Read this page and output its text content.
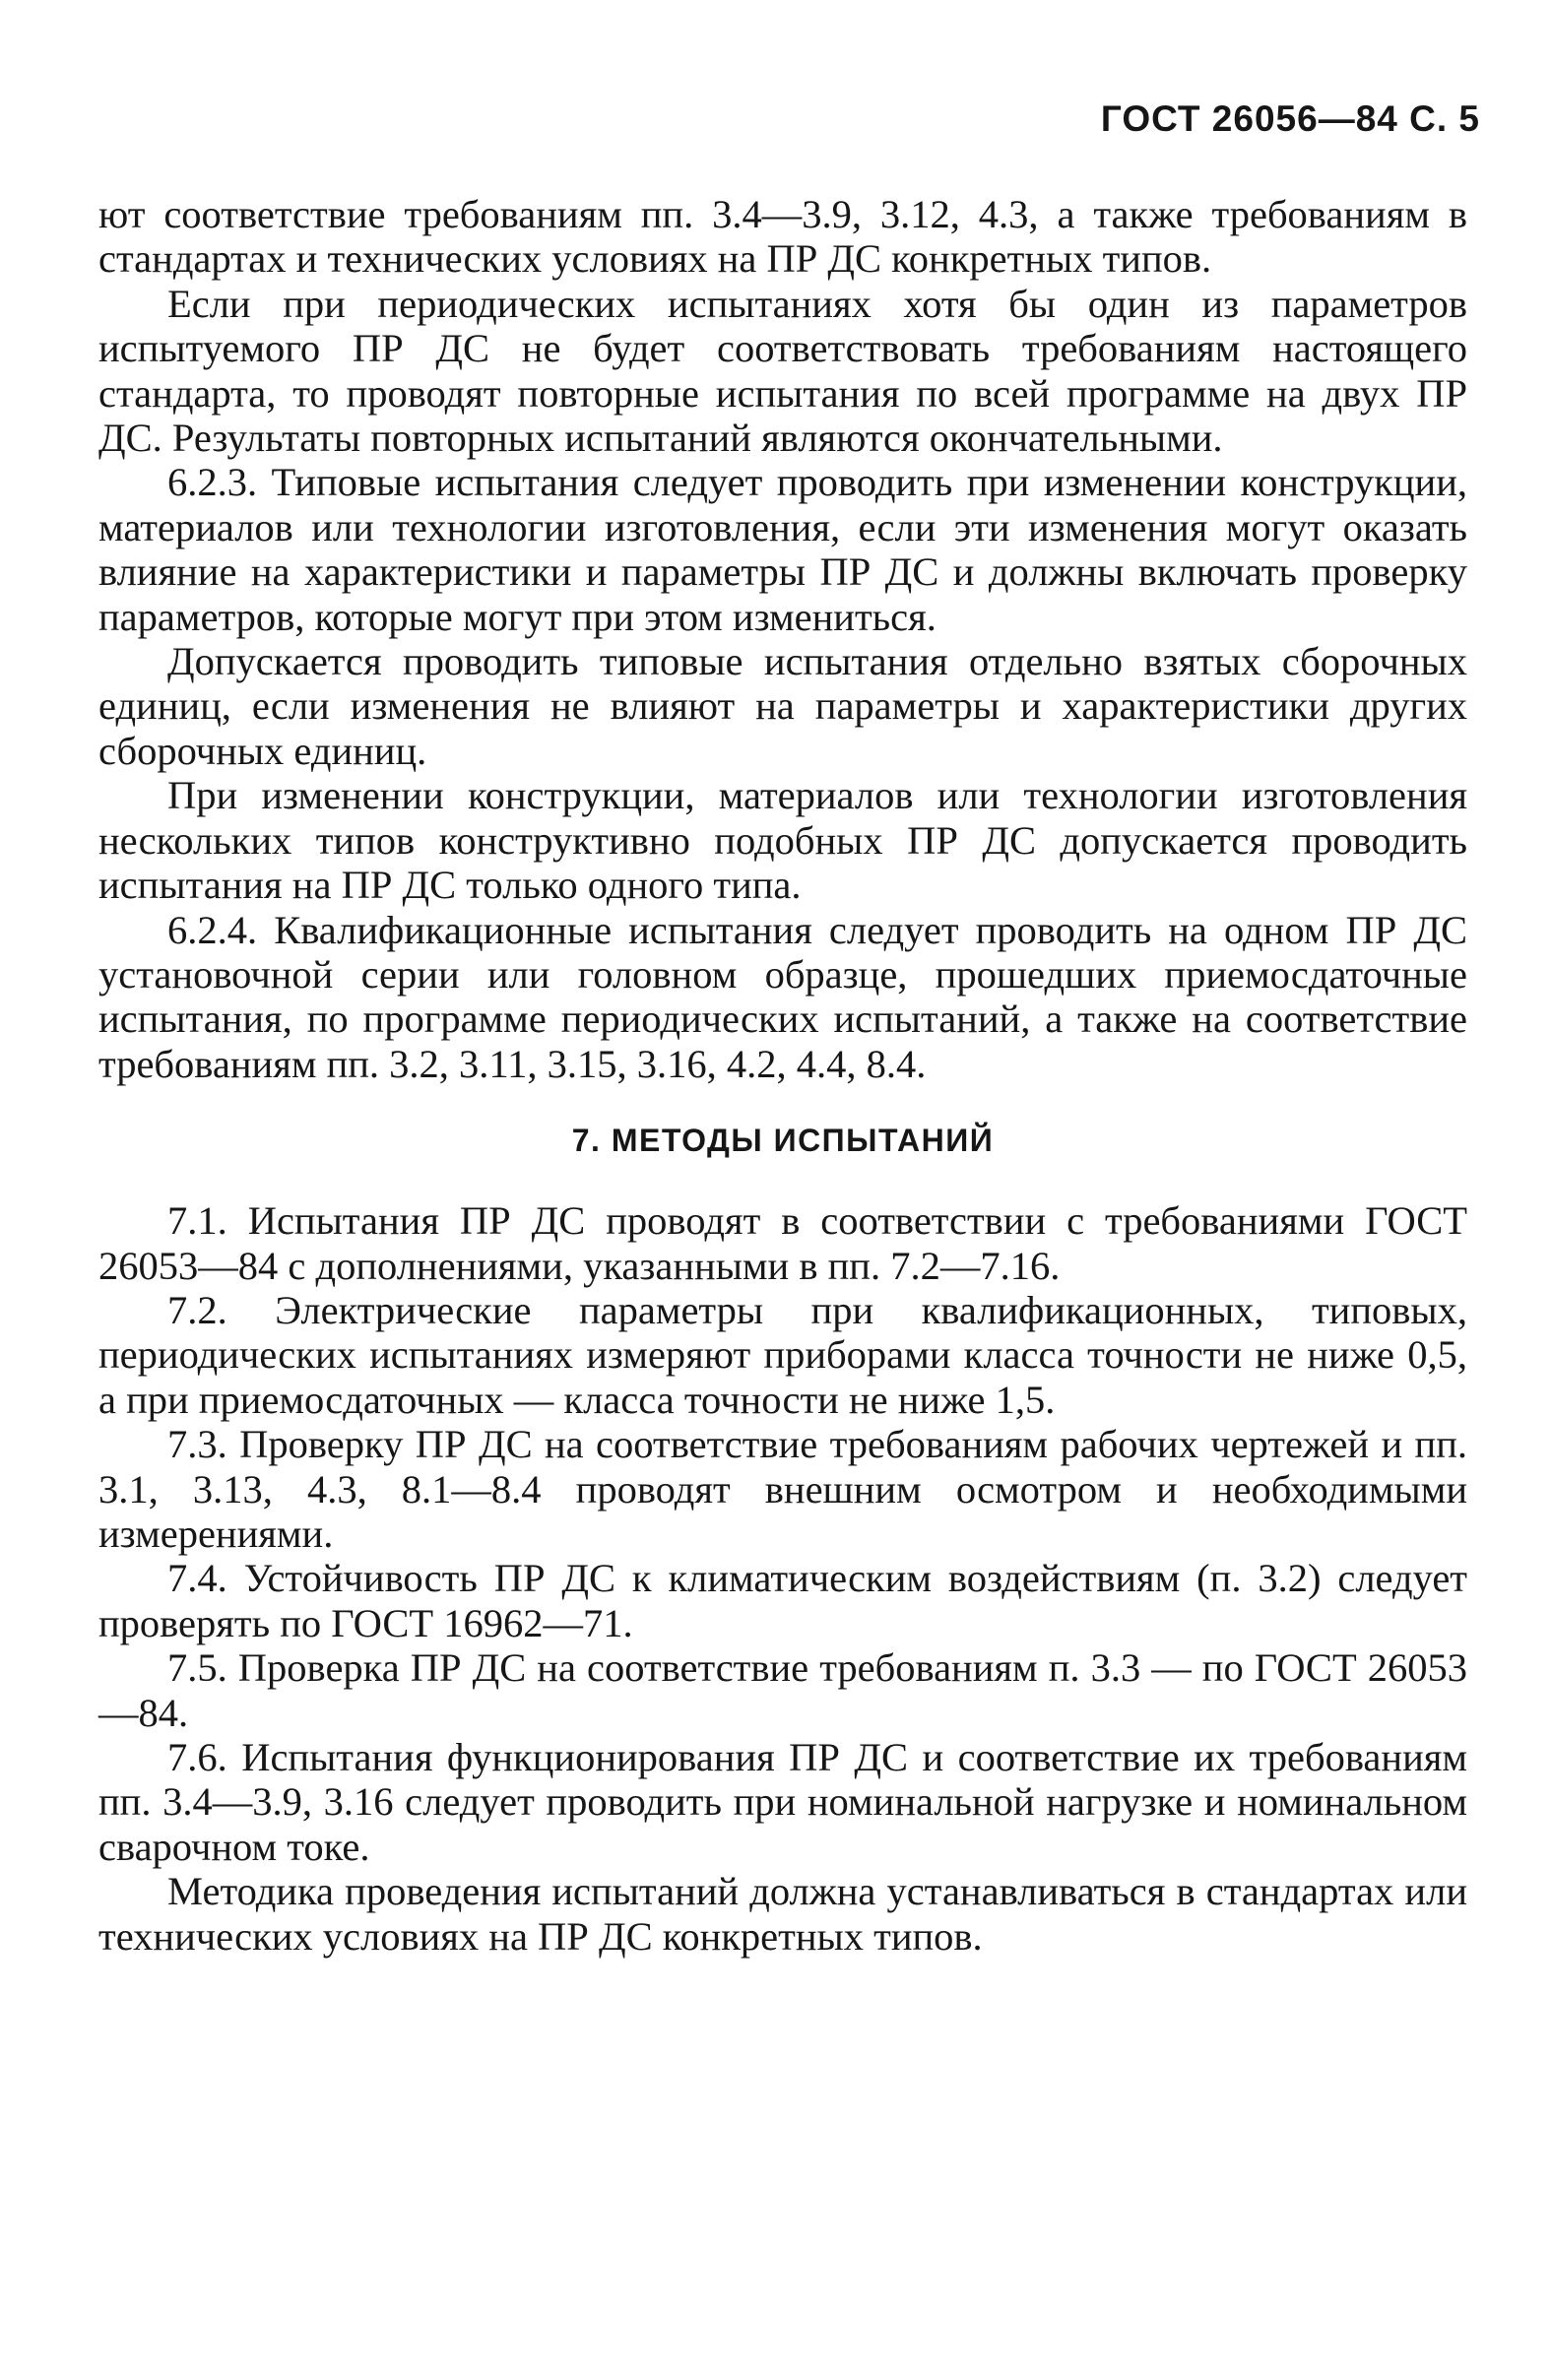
ГОСТ 26056—84 С. 5

ют соответствие требованиям пп. 3.4—3.9, 3.12, 4.3, а также требованиям в стандартах и технических условиях на ПР ДС конкретных типов.

Если при периодических испытаниях хотя бы один из параметров испытуемого ПР ДС не будет соответствовать требованиям настоящего стандарта, то проводят повторные испытания по всей программе на двух ПР ДС. Результаты повторных испытаний являются окончательными.

6.2.3. Типовые испытания следует проводить при изменении конструкции, материалов или технологии изготовления, если эти изменения могут оказать влияние на характеристики и параметры ПР ДС и должны включать проверку параметров, которые могут при этом измениться.

Допускается проводить типовые испытания отдельно взятых сборочных единиц, если изменения не влияют на параметры и характеристики других сборочных единиц.

При изменении конструкции, материалов или технологии изготовления нескольких типов конструктивно подобных ПР ДС допускается проводить испытания на ПР ДС только одного типа.

6.2.4. Квалификационные испытания следует проводить на одном ПР ДС установочной серии или головном образце, прошедших приемосдаточные испытания, по программе периодических испытаний, а также на соответствие требованиям пп. 3.2, 3.11, 3.15, 3.16, 4.2, 4.4, 8.4.

7. МЕТОДЫ ИСПЫТАНИЙ

7.1. Испытания ПР ДС проводят в соответствии с требованиями ГОСТ 26053—84 с дополнениями, указанными в пп. 7.2—7.16.

7.2. Электрические параметры при квалификационных, типовых, периодических испытаниях измеряют приборами класса точности не ниже 0,5, а при приемосдаточных — класса точности не ниже 1,5.

7.3. Проверку ПР ДС на соответствие требованиям рабочих чертежей и пп. 3.1, 3.13, 4.3, 8.1—8.4 проводят внешним осмотром и необходимыми измерениями.

7.4. Устойчивость ПР ДС к климатическим воздействиям (п. 3.2) следует проверять по ГОСТ 16962—71.

7.5. Проверка ПР ДС на соответствие требованиям п. 3.3 — по ГОСТ 26053—84.

7.6. Испытания функционирования ПР ДС и соответствие их требованиям пп. 3.4—3.9, 3.16 следует проводить при номинальной нагрузке и номинальном сварочном токе.

Методика проведения испытаний должна устанавливаться в стандартах или технических условиях на ПР ДС конкретных типов.
